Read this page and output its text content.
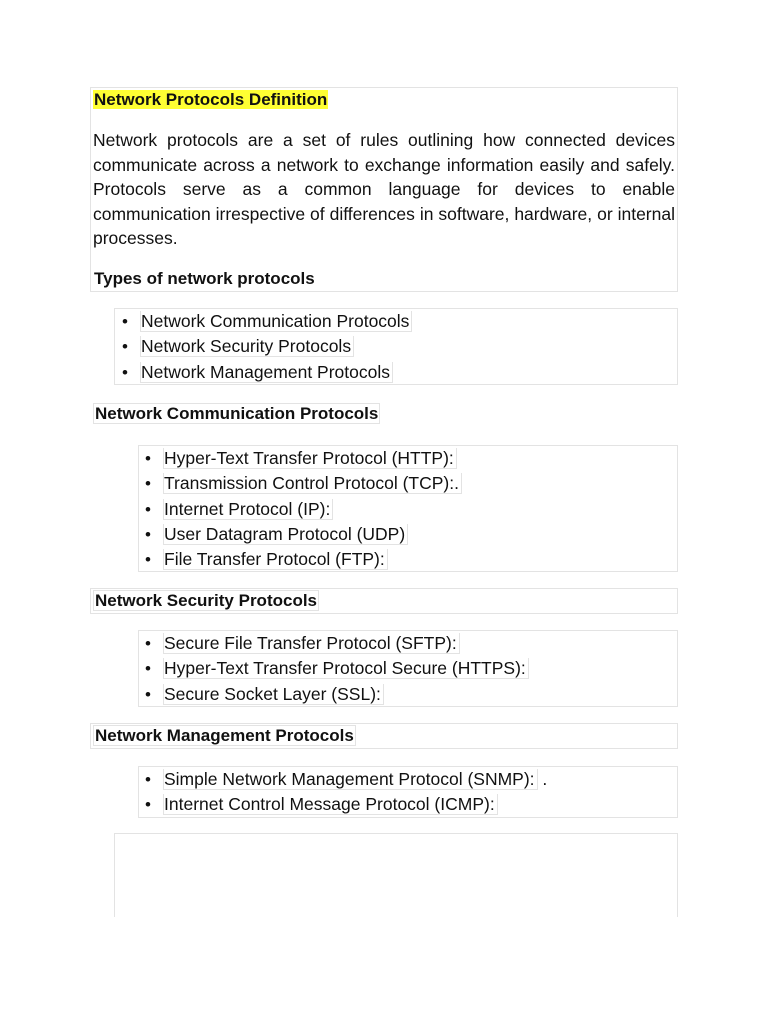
Network Protocols Definition
Network protocols are a set of rules outlining how connected devices communicate across a network to exchange information easily and safely. Protocols serve as a common language for devices to enable communication irrespective of differences in software, hardware, or internal processes.
Types of network protocols
• Network Communication Protocols
• Network Security Protocols
• Network Management Protocols
Network Communication Protocols
• Hyper-Text Transfer Protocol (HTTP):
• Transmission Control Protocol (TCP):.
• Internet Protocol (IP):
• User Datagram Protocol (UDP)
• File Transfer Protocol (FTP):
Network Security Protocols
• Secure File Transfer Protocol (SFTP):
• Hyper-Text Transfer Protocol Secure (HTTPS):
• Secure Socket Layer (SSL):
Network Management Protocols
• Simple Network Management Protocol (SNMP): .
• Internet Control Message Protocol (ICMP):
